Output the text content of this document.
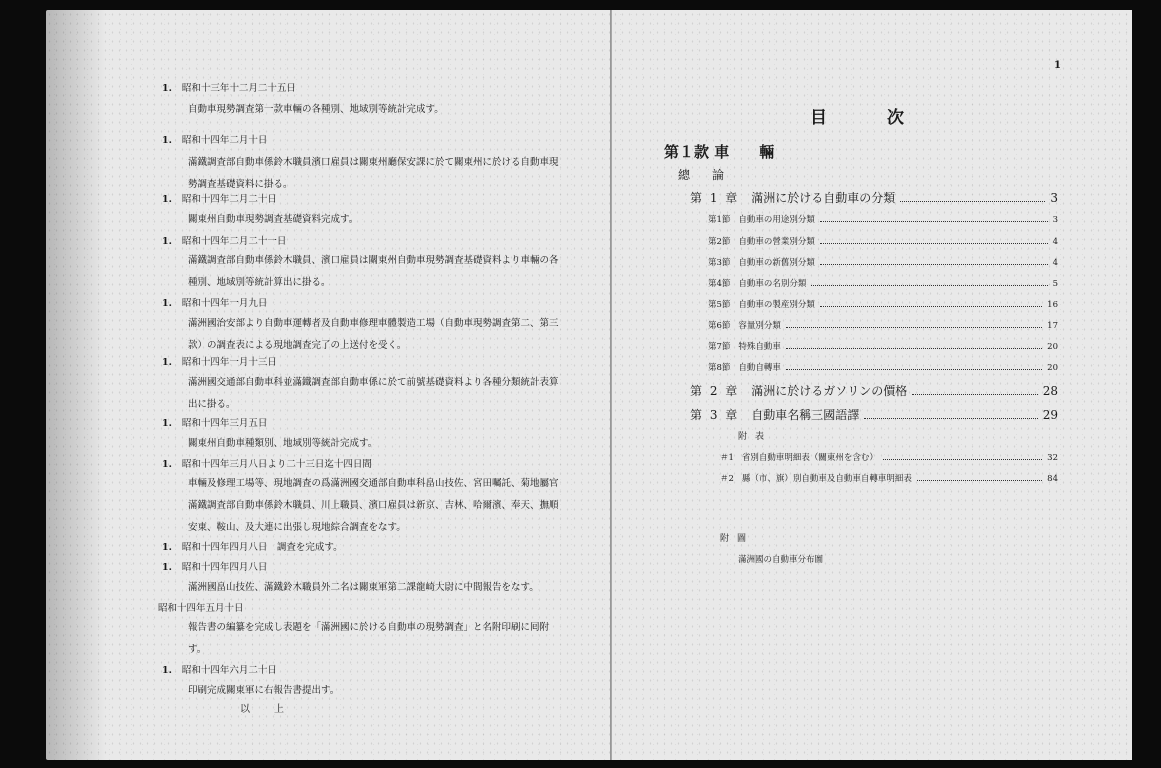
1. 昭和十三年十二月二十五日
自動車現勢調査第一款車輛の各種別、地域別等統計完成す。
1. 昭和十四年二月十日
滿鐵調査部自動車係鈴木職員濱口雇員は關東州廳保安課に於て關東州に於ける自動車現
勢調査基礎資料に掛る。
1. 昭和十四年二月二十日
關東州自動車現勢調査基礎資料完成す。
1. 昭和十四年二月二十一日
滿鐵調査部自動車係鈴木職員、濱口雇員は關東州自動車現勢調査基礎資料より車輛の各
種別、地域別等統計算出に掛る。
1. 昭和十四年一月九日
滿洲國治安部より自動車運轉者及自動車修理車體製造工場（自動車現勢調査第二、第三
款）の調査表による現地調査完了の上送付を受く。
1. 昭和十四年一月十三日
滿洲國交通部自動車科並滿鐵調査部自動車係に於て前號基礎資料より各種分類統計表算
出に掛る。
1. 昭和十四年三月五日
關東州自動車種類別、地域別等統計完成す。
1. 昭和十四年三月八日より二十三日迄十四日間
車輛及修理工場等、現地調査の爲滿洲國交通部自動車科畠山技佐、宮田囑託、菊地屬官
滿鐵調査部自動車係鈴木職員、川上職員、濱口雇員は新京、吉林、哈爾濱、奉天、撫順
安東、鞍山、及大連に出張し現地綜合調査をなす。
1. 昭和十四年四月八日　調査を完成す。
1. 昭和十四年四月八日
滿洲國畠山技佐、滿鐵鈴木職員外二名は關東軍第二課龍崎大尉に中間報告をなす。
昭和十四年五月十日
報告書の編纂を完成し表題を「滿洲國に於ける自動車の現勢調査」と名附印刷に囘附
す。
1. 昭和十四年六月二十日
印刷完成關東軍に右報告書提出す。
以上
1
目次
第１款 車　　輛
總論
第 1 章 滿洲に於ける自動車の分類	3
第1節 自動車の用途別分類	3
第2節 自動車の營業別分類	4
第3節 自動車の新舊別分類	4
第4節 自動車の名別分類	5
第5節 自動車の製産別分類	16
第6節 容量別分類	17
第7節 特殊自動車	20
第8節 自動自轉車	20
第 2 章 滿洲に於けるガソリンの價格	28
第 3 章 自動車名稱三國語譯	29
附表
＃1 省別自動車明細表（關東州を含む）	32
＃2 縣（市、旗）別自動車及自動車自轉車明細表	84
附圖
滿洲國の自動車分布圖
